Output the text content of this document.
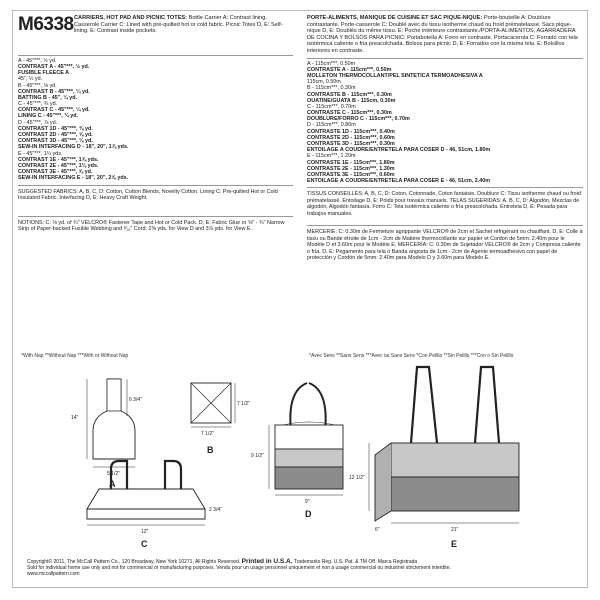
M6338 CARRIERS, HOT PAD AND PICNIC TOTES: Bottle Carrier A: Contrast lining. Casserole Carrier C: Lined with pre-quilted hot or cold fabric. Picnic Totes D, E: Self-lining. E: Contrast inside pockets.
A - 45"***, ½ yd.
CONTRAST A - 45"***, ½ yd.
FUSIBLE FLEECE A
45", ½ yd.
B - 45"***, ⅛ yd.
CONTRAST B - 45"***, ¼ yd.
BATTING B - 45", ¼ yd.
C - 45"***, ¾ yd.
CONTRAST C - 45"***, ¼ yd.
LINING C - 45"***, ¾ yd.
D - 45"***, ⅞ yd.
CONTRAST 1D - 45"***, ⅜ yd.
CONTRAST 2D - 45"***, ⅝ yd.
CONTRAST 3D - 45"***, ⅛ yd.
SEW-IN INTERFACING D - 18", 20", 1⅞ yds.
E - 45"***, 1¼ yds.
CONTRAST 1E - 45"***, 1⅞ yds.
CONTRAST 2E - 45"***, 1⅛ yds.
CONTRAST 3E - 45"***, ⅝ yd.
SEW-IN INTERFACING E - 18", 20", 2⅝ yds.
SUGGESTED FABRICS: A, B, C, D: Cotton, Cotton Blends, Novelty Cotton. Lining C: Pre-quilted Hot or Cold Insulated Fabric. Interfacing D, E: Heavy Craft Weight.
NOTIONS: C: ⅛ yd. of ¾" VELCRO® Fastener Tape and Hot or Cold Pack. D, E: Fabric Glue or ⅝" - ¾" Narrow Strip of Paper-backed Fusible Webbing and ³⁄₁₆" Cord: 2⅝ yds. for View D and 3⅞ yds. for View E.
PORTE-ALIMENTS, MANIQUE DE CUISINE ET SAC PIQUE-NIQUE: Porte-bouteille A: Doublure contrastante. Porte-casserole C: Doublé avec du tissu isotherme chaud ou froid prématelassé. Sacs pique-nique D, E: Doublés du même tissu. E: Poche intérieure contrastante./PORTA-ALIMENTOS, AGARRADERA DE COCINA Y BOLSOS PARA PICNIC: Portabotella A: Forro en contraste. Portacacerola C: Forrado con tela isotérmica caliente o fria preacolchada. Bolsos para picnic D, E: Forrados con la misma tela. E: Bolsillos interiores en contraste.
A - 115cm***, 0.50m
CONTRASTE A - 115cm***, 0.50m
MOLLETON THERMOCOLLANT/PEL SINTÉTICA TERMOADHESIVA A
115cm, 0.50m
B - 115cm***, 0.30m
CONTRASTE B - 115cm***, 0.30m
OUATINE/GUATA B - 115cm, 0.30m
C - 115cm***, 0.70m
CONTRASTE C - 115cm***, 0.30m
DOUBLURE/FORRO C - 115cm***, 0.70m
D - 115cm***, 0.80m
CONTRASTE 1D - 115cm***, 0.40m
CONTRASTE 2D - 115cm***, 0.60m
CONTRASTE 3D - 115cm***, 0.30m
ENTOILAGE À COUDRE/ENTRETELA PARA COSER D - 46, 51cm, 1.80m
E - 115cm***, 1.20m
CONTRASTE 1E - 115cm***, 1.80m
CONTRASTE 2E - 115cm***, 1.30m
CONTRASTE 3E - 115cm***, 0.60m
ENTOILAGE À COUDRE/ENTRETELA PARA COSER E - 46, 51cm, 2.40m
TISSUS CONSEILLÉS: A, B, C, D: Coton, Cotonnade, Coton fantaisie. Doublure C: Tissu isotherme chaud ou froid prématelassé. Entoilage D, E: Poids pour travaux manuels. TELAS SUGERIDAS: A, B, C, D: Algodón, Mezclas de algodón, Algodón fantasía. Forro C: Tela isotérmica caliente o fría preacolchada. Entretela D, E: Pesada para trabajos manuales.
MERCERIE: C: 0.30m de Fermeture agrippante VELCRO® de 2cm et Sachet réfrigérant ou chauffant. D, E: Colle à tissu ou Bande étroite de 1cm - 2cm de Matière thermocollante sur papier et Cordon de 5mm: 2.40m pour le Modèle D et 3.60m pour le Modèle E. MERCERÍA: C: 0.30m de Sujetador VELCRO® de 2cm y Compresa caliente o fría. D, E: Pegamento para tela o Banda angosta de 1cm - 2cm de Agente termoadhesivo con papel de protección y Cordón de 5mm: 2.40m para Modelo D y 3.60m para Modelo E.
*With Nap **Without Nap ***With or Without Nap	*Avec Sens **Sans Sens ***Avec ou Sans Sens *Con Pelillo **Sin Pelillo ***Con o Sin Pelillo
14"
6 3/4"
5 1/2"
A
7 1/2"
7 1/2"
B
2 3/4"
12"
C
9 1/2"
9"
D
12 1/2"
6"	21"
E
Copyright© 2011, The McCall Pattern Co., 120 Broadway, New York 10271, All Rights Reserved. Printed in U.S.A. Trademarks Reg. U.S. Pat. & TM Off. Marca Registrada
Sold for individual home use only and not for commercial or manufacturing purposes. Vendu pour un usage personnel uniquement et non à usage commercial ou industriel strictement interdite.
www.mccallpattern.com
